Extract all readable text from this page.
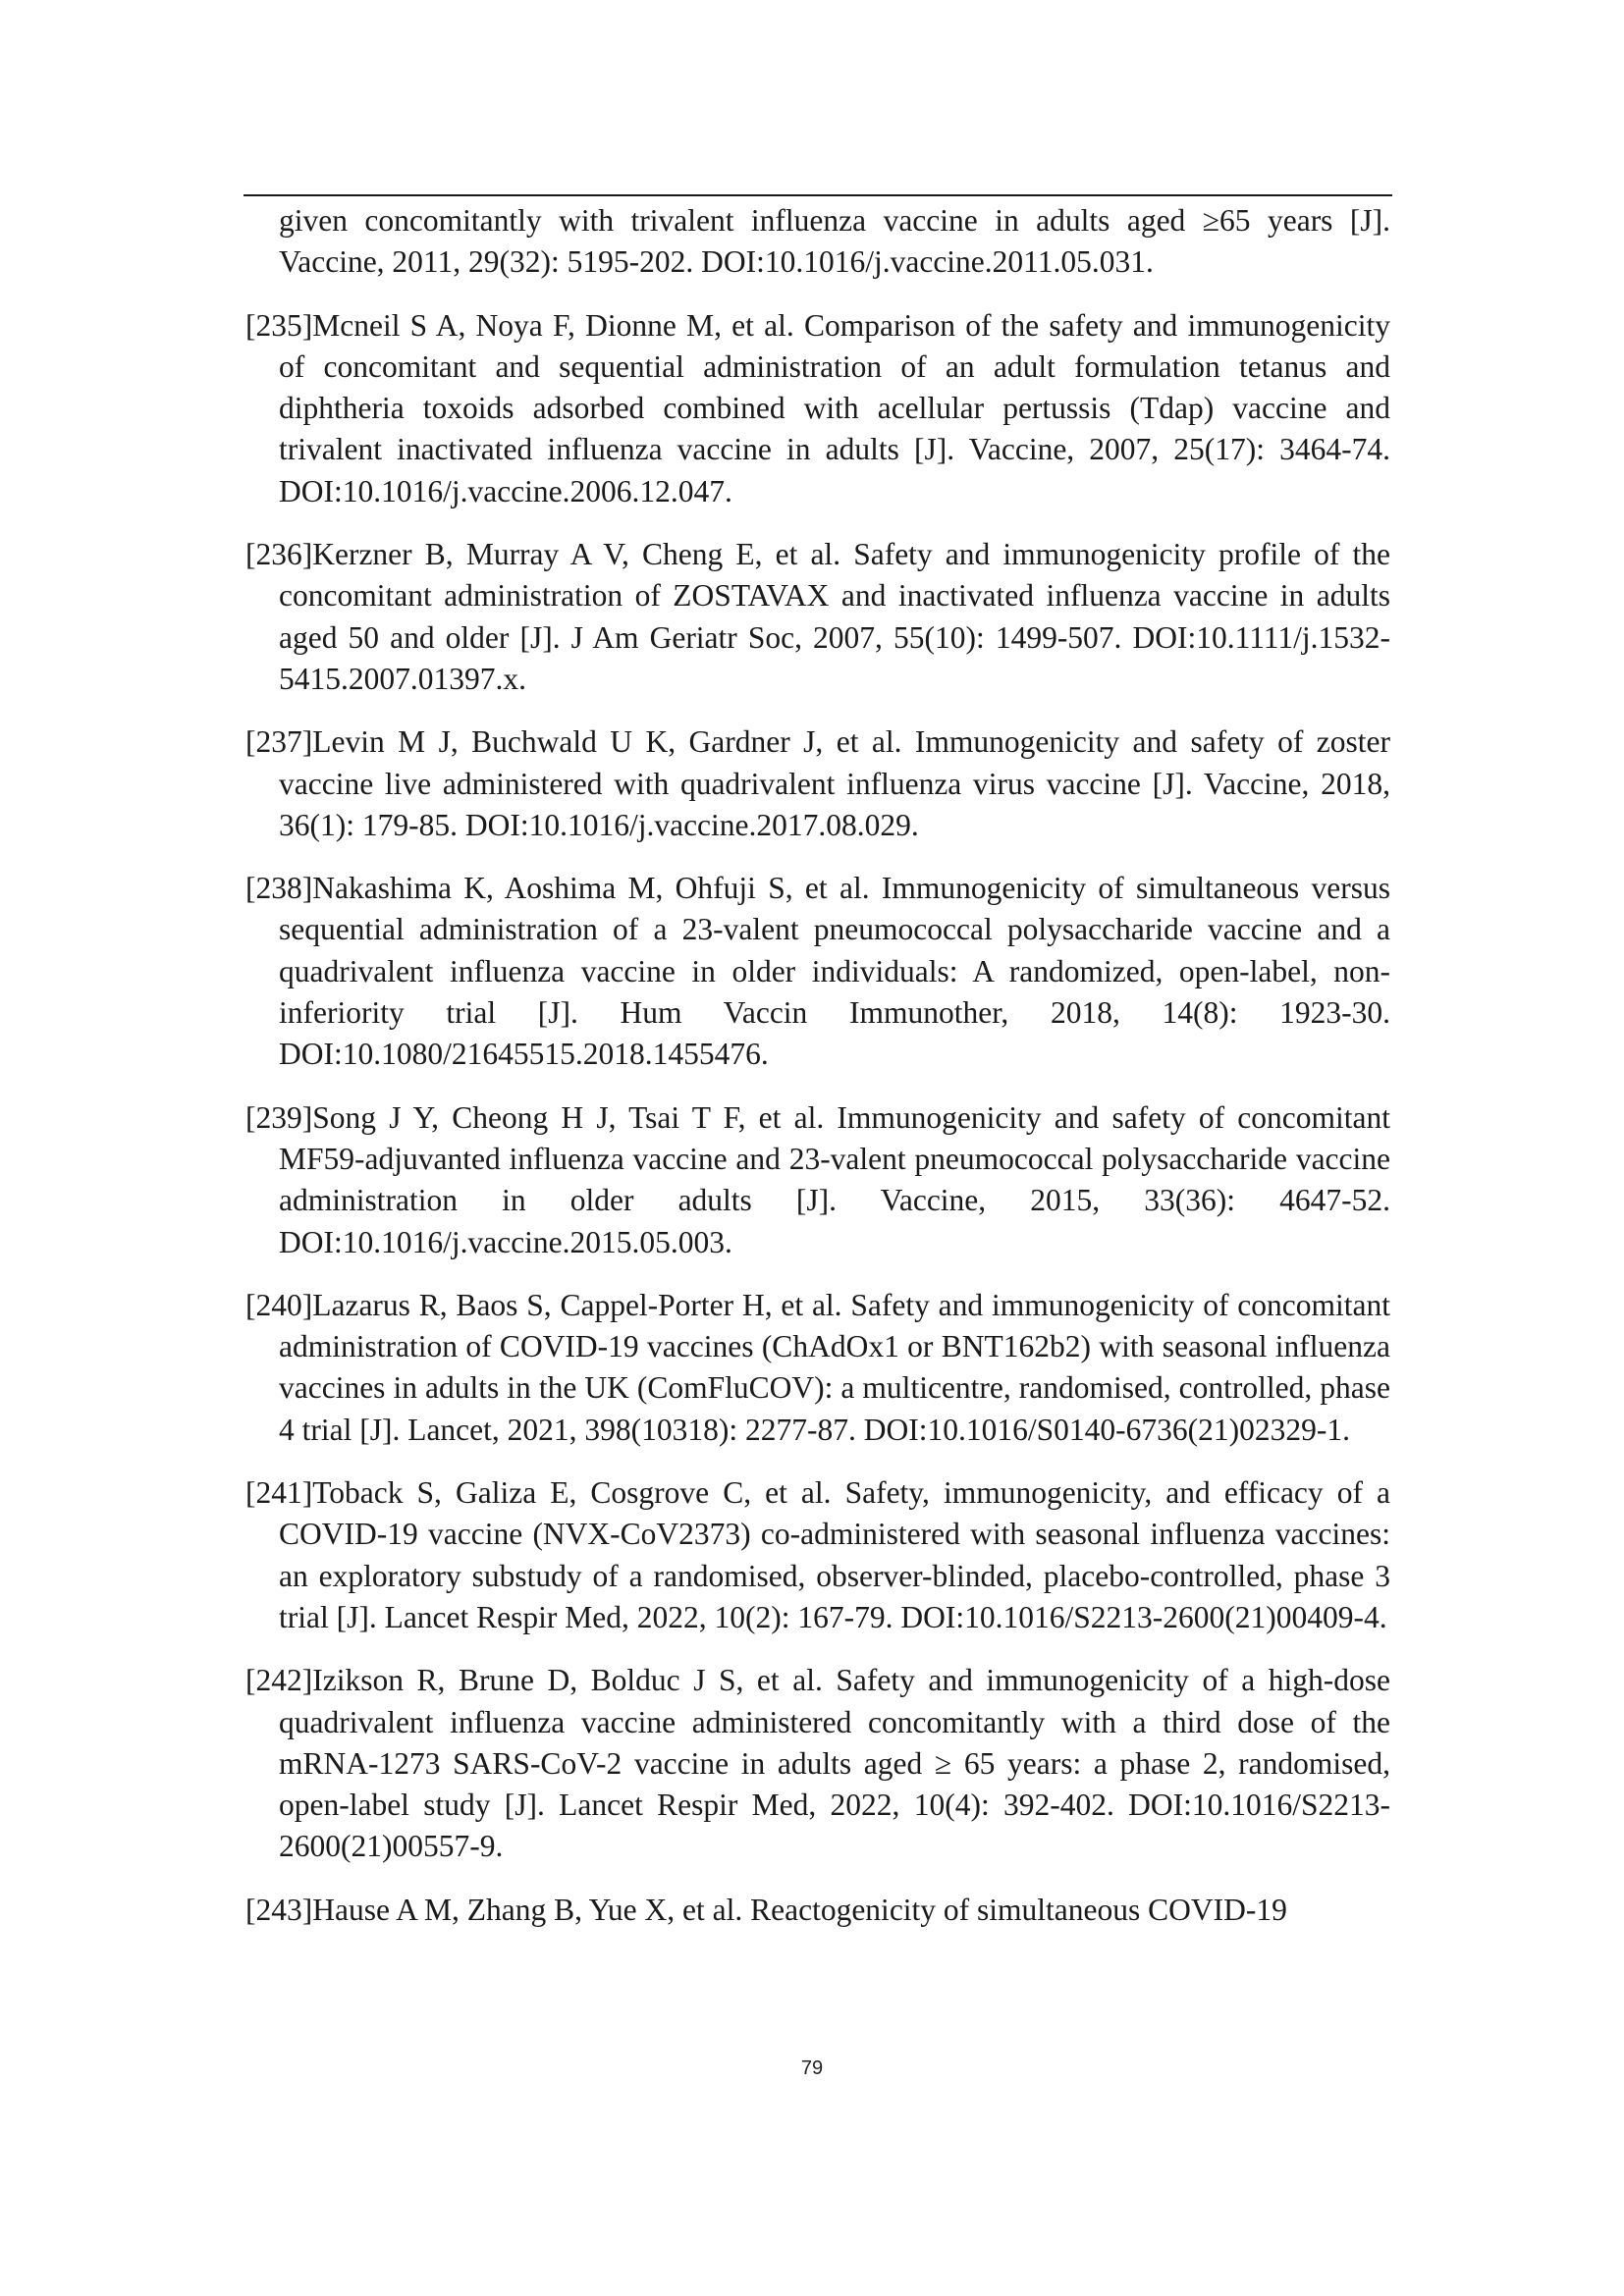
given concomitantly with trivalent influenza vaccine in adults aged ≥65 years [J]. Vaccine, 2011, 29(32): 5195-202. DOI:10.1016/j.vaccine.2011.05.031.
[235]Mcneil S A, Noya F, Dionne M, et al. Comparison of the safety and immunogenicity of concomitant and sequential administration of an adult formulation tetanus and diphtheria toxoids adsorbed combined with acellular pertussis (Tdap) vaccine and trivalent inactivated influenza vaccine in adults [J]. Vaccine, 2007, 25(17): 3464-74. DOI:10.1016/j.vaccine.2006.12.047.
[236]Kerzner B, Murray A V, Cheng E, et al. Safety and immunogenicity profile of the concomitant administration of ZOSTAVAX and inactivated influenza vaccine in adults aged 50 and older [J]. J Am Geriatr Soc, 2007, 55(10): 1499-507. DOI:10.1111/j.1532-5415.2007.01397.x.
[237]Levin M J, Buchwald U K, Gardner J, et al. Immunogenicity and safety of zoster vaccine live administered with quadrivalent influenza virus vaccine [J]. Vaccine, 2018, 36(1): 179-85. DOI:10.1016/j.vaccine.2017.08.029.
[238]Nakashima K, Aoshima M, Ohfuji S, et al. Immunogenicity of simultaneous versus sequential administration of a 23-valent pneumococcal polysaccharide vaccine and a quadrivalent influenza vaccine in older individuals: A randomized, open-label, non-inferiority trial [J]. Hum Vaccin Immunother, 2018, 14(8): 1923-30. DOI:10.1080/21645515.2018.1455476.
[239]Song J Y, Cheong H J, Tsai T F, et al. Immunogenicity and safety of concomitant MF59-adjuvanted influenza vaccine and 23-valent pneumococcal polysaccharide vaccine administration in older adults [J]. Vaccine, 2015, 33(36): 4647-52. DOI:10.1016/j.vaccine.2015.05.003.
[240]Lazarus R, Baos S, Cappel-Porter H, et al. Safety and immunogenicity of concomitant administration of COVID-19 vaccines (ChAdOx1 or BNT162b2) with seasonal influenza vaccines in adults in the UK (ComFluCOV): a multicentre, randomised, controlled, phase 4 trial [J]. Lancet, 2021, 398(10318): 2277-87. DOI:10.1016/S0140-6736(21)02329-1.
[241]Toback S, Galiza E, Cosgrove C, et al. Safety, immunogenicity, and efficacy of a COVID-19 vaccine (NVX-CoV2373) co-administered with seasonal influenza vaccines: an exploratory substudy of a randomised, observer-blinded, placebo-controlled, phase 3 trial [J]. Lancet Respir Med, 2022, 10(2): 167-79. DOI:10.1016/S2213-2600(21)00409-4.
[242]Izikson R, Brune D, Bolduc J S, et al. Safety and immunogenicity of a high-dose quadrivalent influenza vaccine administered concomitantly with a third dose of the mRNA-1273 SARS-CoV-2 vaccine in adults aged ≥ 65 years: a phase 2, randomised, open-label study [J]. Lancet Respir Med, 2022, 10(4): 392-402. DOI:10.1016/S2213-2600(21)00557-9.
[243]Hause A M, Zhang B, Yue X, et al. Reactogenicity of simultaneous COVID-19
79
